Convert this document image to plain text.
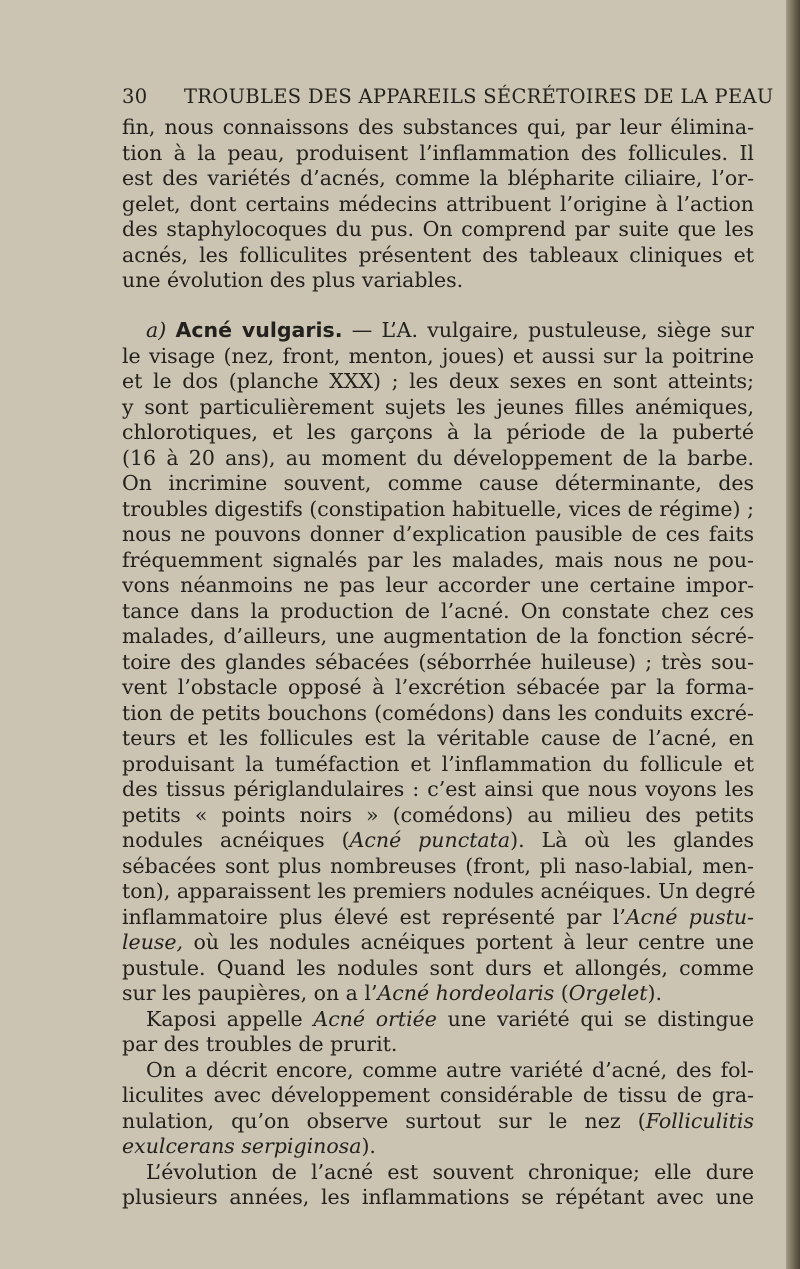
30 TROUBLES DES APPAREILS SÉCRÉTOIRES DE LA PEAU
fin, nous connaissons des substances qui, par leur élimina-
tion à la peau, produisent l’inflammation des follicules. Il
est des variétés d’acnés, comme la blépharite ciliaire, l’or-
gelet, dont certains médecins attribuent l’origine à l’action
des staphylocoques du pus. On comprend par suite que les
acnés, les folliculites présentent des tableaux cliniques et
une évolution des plus variables.
a) Acné vulgaris. — L’A. vulgaire, pustuleuse, siège sur
le visage (nez, front, menton, joues) et aussi sur la poitrine
et le dos (planche XXX) ; les deux sexes en sont atteints;
y sont particulièrement sujets les jeunes filles anémiques,
chlorotiques, et les garçons à la période de la puberté
(16 à 20 ans), au moment du développement de la barbe.
On incrimine souvent, comme cause déterminante, des
troubles digestifs (constipation habituelle, vices de régime) ;
nous ne pouvons donner d’explication pausible de ces faits
fréquemment signalés par les malades, mais nous ne pou-
vons néanmoins ne pas leur accorder une certaine impor-
tance dans la production de l’acné. On constate chez ces
malades, d’ailleurs, une augmentation de la fonction sécré-
toire des glandes sébacées (séborrhée huileuse) ; très sou-
vent l’obstacle opposé à l’excrétion sébacée par la forma-
tion de petits bouchons (comédons) dans les conduits excré-
teurs et les follicules est la véritable cause de l’acné, en
produisant la tuméfaction et l’inflammation du follicule et
des tissus périglandulaires : c’est ainsi que nous voyons les
petits « points noirs » (comédons) au milieu des petits
nodules acnéiques (Acné punctata). Là où les glandes
sébacées sont plus nombreuses (front, pli naso-labial, men-
ton), apparaissent les premiers nodules acnéiques. Un degré
inflammatoire plus élevé est représenté par l’Acné pustu-
leuse, où les nodules acnéiques portent à leur centre une
pustule. Quand les nodules sont durs et allongés, comme
sur les paupières, on a l’Acné hordeolaris (Orgelet).
Kaposi appelle Acné ortiée une variété qui se distingue
par des troubles de prurit.
On a décrit encore, comme autre variété d’acné, des fol-
liculites avec développement considérable de tissu de gra-
nulation, qu’on observe surtout sur le nez (Folliculitis
exulcerans serpiginosa).
L’évolution de l’acné est souvent chronique; elle dure
plusieurs années, les inflammations se répétant avec une
